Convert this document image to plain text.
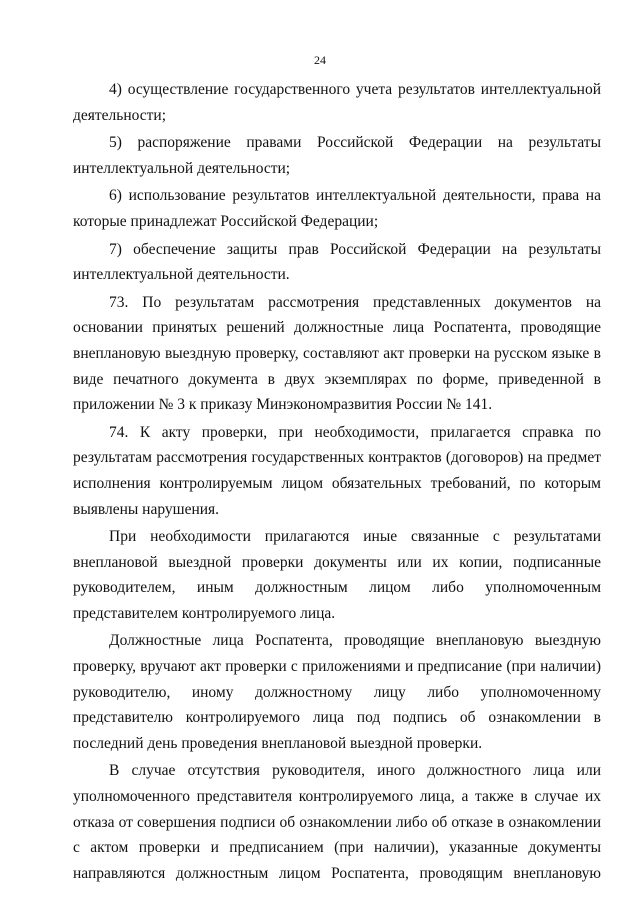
24

4) осуществление государственного учета результатов интеллектуальной деятельности;

5) распоряжение правами Российской Федерации на результаты интеллектуальной деятельности;

6) использование результатов интеллектуальной деятельности, права на которые принадлежат Российской Федерации;

7) обеспечение защиты прав Российской Федерации на результаты интеллектуальной деятельности.

73. По результатам рассмотрения представленных документов на основании принятых решений должностные лица Роспатента, проводящие внеплановую выездную проверку, составляют акт проверки на русском языке в виде печатного документа в двух экземплярах по форме, приведенной в приложении № 3 к приказу Минэкономразвития России № 141.

74. К акту проверки, при необходимости, прилагается справка по результатам рассмотрения государственных контрактов (договоров) на предмет исполнения контролируемым лицом обязательных требований, по которым выявлены нарушения.

При необходимости прилагаются иные связанные с результатами внеплановой выездной проверки документы или их копии, подписанные руководителем, иным должностным лицом либо уполномоченным представителем контролируемого лица.

Должностные лица Роспатента, проводящие внеплановую выездную проверку, вручают акт проверки с приложениями и предписание (при наличии) руководителю, иному должностному лицу либо уполномоченному представителю контролируемого лица под подпись об ознакомлении в последний день проведения внеплановой выездной проверки.

В случае отсутствия руководителя, иного должностного лица или уполномоченного представителя контролируемого лица, а также в случае их отказа от совершения подписи об ознакомлении либо об отказе в ознакомлении с актом проверки и предписанием (при наличии), указанные документы направляются должностным лицом Роспатента, проводящим внеплановую
